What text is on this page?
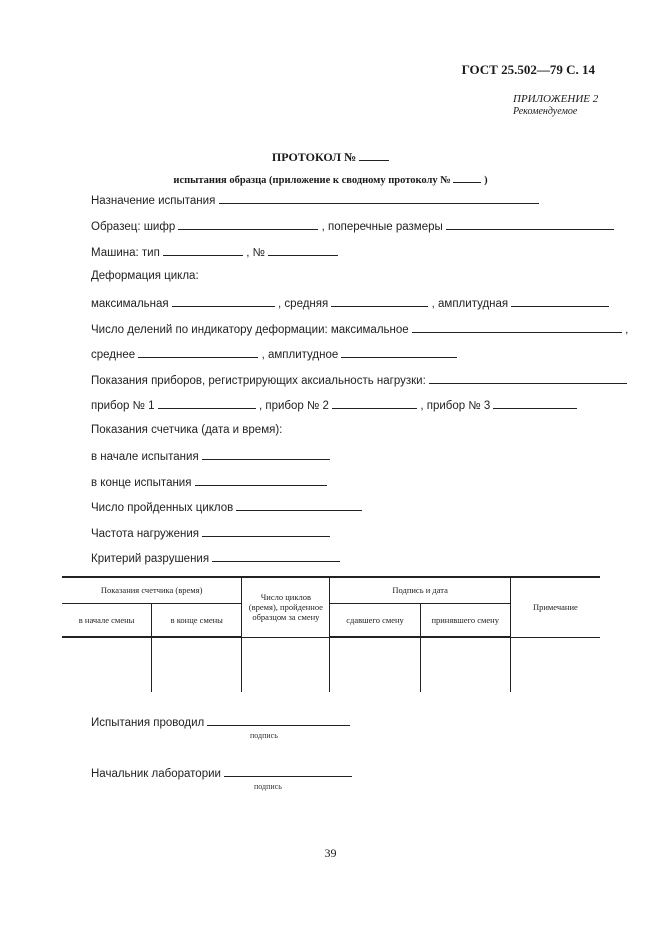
ГОСТ 25.502—79 С. 14
ПРИЛОЖЕНИЕ 2
Рекомендуемое
ПРОТОКОЛ №
испытания образца (приложение к сводному протоколу №	)
Назначение испытания
Образец: шифр	, поперечные размеры
Машина: тип	, №
Деформация цикла:
максимальная	, средняя	, амплитудная
Число делений по индикатору деформации: максимальное	,
среднее	, амплитудное
Показания приборов, регистрирующих аксиальность нагрузки:
прибор № 1	, прибор № 2	, прибор № 3
Показания счетчика (дата и время):
в начале испытания
в конце испытания
Число пройденных циклов
Частота нагружения
Критерий разрушения
Показания счетчика (время)		Число циклов (время), пройденное образцом за смену	Подпись и дата		Примечание
в начале смены	в конце смены		сдавшего смену	принявшего смену	

Испытания проводил
подпись
Начальник лаборатории
подпись
39
